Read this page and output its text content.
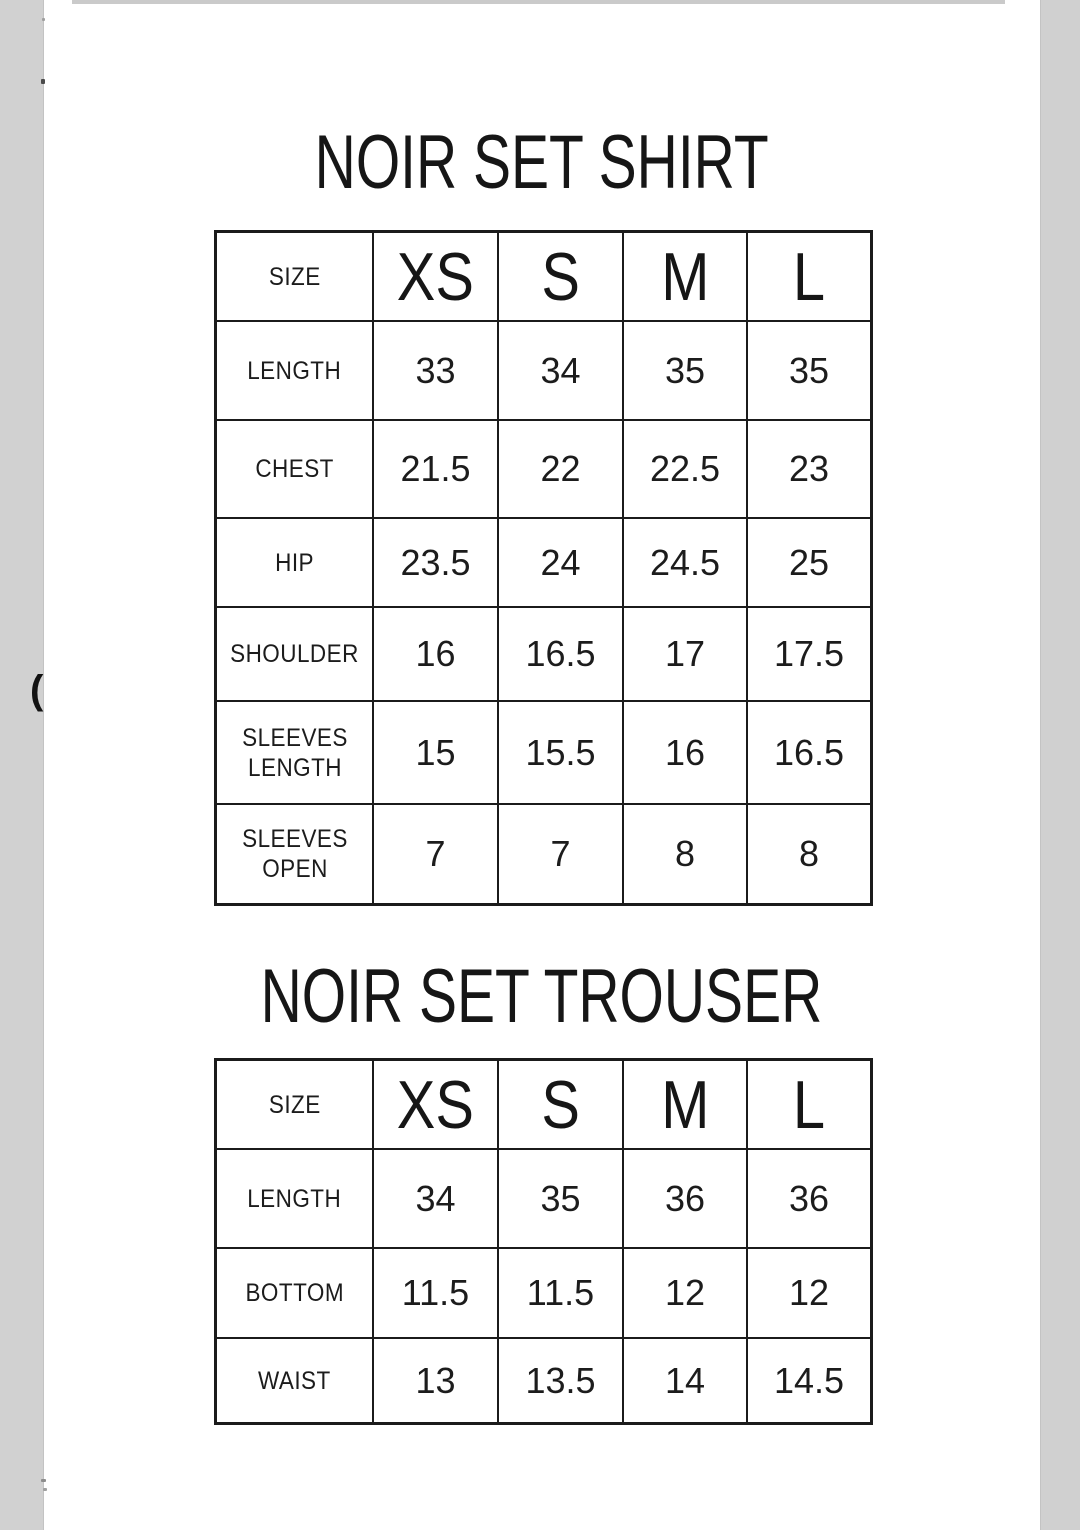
(
NOIR SET SHIRT
SIZE XS S M L
LENGTH 33 34 35 35
CHEST 21.5 22 22.5 23
HIP 23.5 24 24.5 25
SHOULDER 16 16.5 17 17.5
SLEEVES LENGTH 15 15.5 16 16.5
SLEEVES OPEN	7	7	8	8
NOIR SET TROUSER
SIZE XS S M L
LENGTH 34 35 36 36
BOTTOM 11.5 11.5 12 12
WAIST 13 13.5 14 14.5
